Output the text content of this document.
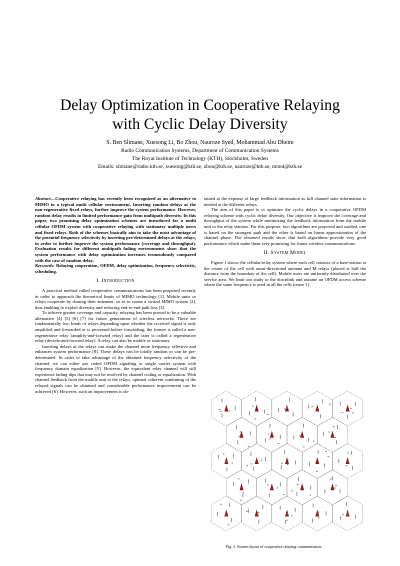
Delay Optimization in Cooperative Relaying
with Cyclic Delay Diversity
S. Ben Slimane, Xuesong Li, Bo Zhou, Nauroze Syed, Mohammad Abu Dheim
Radio Communication Systems, Department of Communication Systems
The Royal Institute of Technology (KTH), Stockholm, Sweden
Emails: slimane@radio.kth.se, xuesong@kth.se, zbou@kth.se, nauroze@kth.se, mond@kth.se

Abstract—Cooperative relaying has recently been recognized as an alternative to MIMO in a typical multi cellular environment. Inserting random delays at the non-regenerative fixed relays, further improve the system performance. However, random delay results in limited performance gain from multipath diversity. In this paper, two promising delay optimization schemes are introduced for a multi cellular OFDM system with cooperative relaying with stationary multiple users and fixed relays. Both of the schemes basically aim to take the most advantage of the potential frequency selectivity by inserting pre-determined delays at the relays, in order to further improve the system performance (coverage and throughput). Evaluation results for different multipath fading environments show that the system performance with delay optimization increases tremendously compared with the case of random delay.

Keywords: Relaying cooperation, OFDM, delay optimization, frequency selectivity, scheduling.

I. Introduction

A practical method called cooperative communications has been proposed recently in order to approach the theoretical limits of MIMO technology [1]. Mobile units or relays cooperate by sharing their antennas, so as to create a virtual MIMO system [2], thus enabling to exploit diversity and reducing end-to-end path loss [3].

To achieve greater coverage and capacity, relaying has been proved to be a valuable alternative [4] [5] [6] [7] for future generations of wireless networks. There are fundamentally two kinds of relays depending upon whether the received signal is only amplified and forwarded or is processed before forwarding, the former is called a non-regenerative relay (amplify-and-forward relay) and the later is called a regenerative relay (decode-and-forward relay). A relay can also be mobile or stationary.

Inserting delays at the relays can make the channel more frequency selective and enhances system performance [8]. These delays can be totally random or can be pre-determined. In order to take advantage of the obtained frequency selectivity of the channel, we can either use coded OFDM signaling or single carrier system with frequency domain equalization [5]. However, the equivalent relay channel will still experience fading dips that may not be resolved by channel coding or equalization. With channel feedback from the mobile unit to the relays, optimal coherent combining of the relayed signals can be obtained and considerable performance improvement can be achieved [6]. However, such an improvement is ob-

tained at the expense of large feedback information as full channel state information is needed at the different relays.

The aim of this paper is to optimize the cyclic delays in a cooperative OFDM relaying scheme with cyclic delay diversity. Our objective is improve the coverage and throughput of the system while minimizing the feedback information from the mobile unit to the relay stations. For this purpose, two algorithms are proposed and studied, one is based on the strongest path and the other is based on linear approximation of the channel phase. The obtained results show that both algorithms provide very good performance which make them very promising for future wireless communications.

II. System Model

Figure 1 shows the cellular/relay system where each cell consists of a base-station at the center of the cell with omni-directional antenna and M relays (placed at half the distance from the boundary of the cell). Mobile users are uniformly distributed over the service area. We limit our study to the downlink and assume an OFDM access scheme where the same frequency is used in all the cells (reuse 1).

Fig. 1. System layout of cooperative relaying communication
